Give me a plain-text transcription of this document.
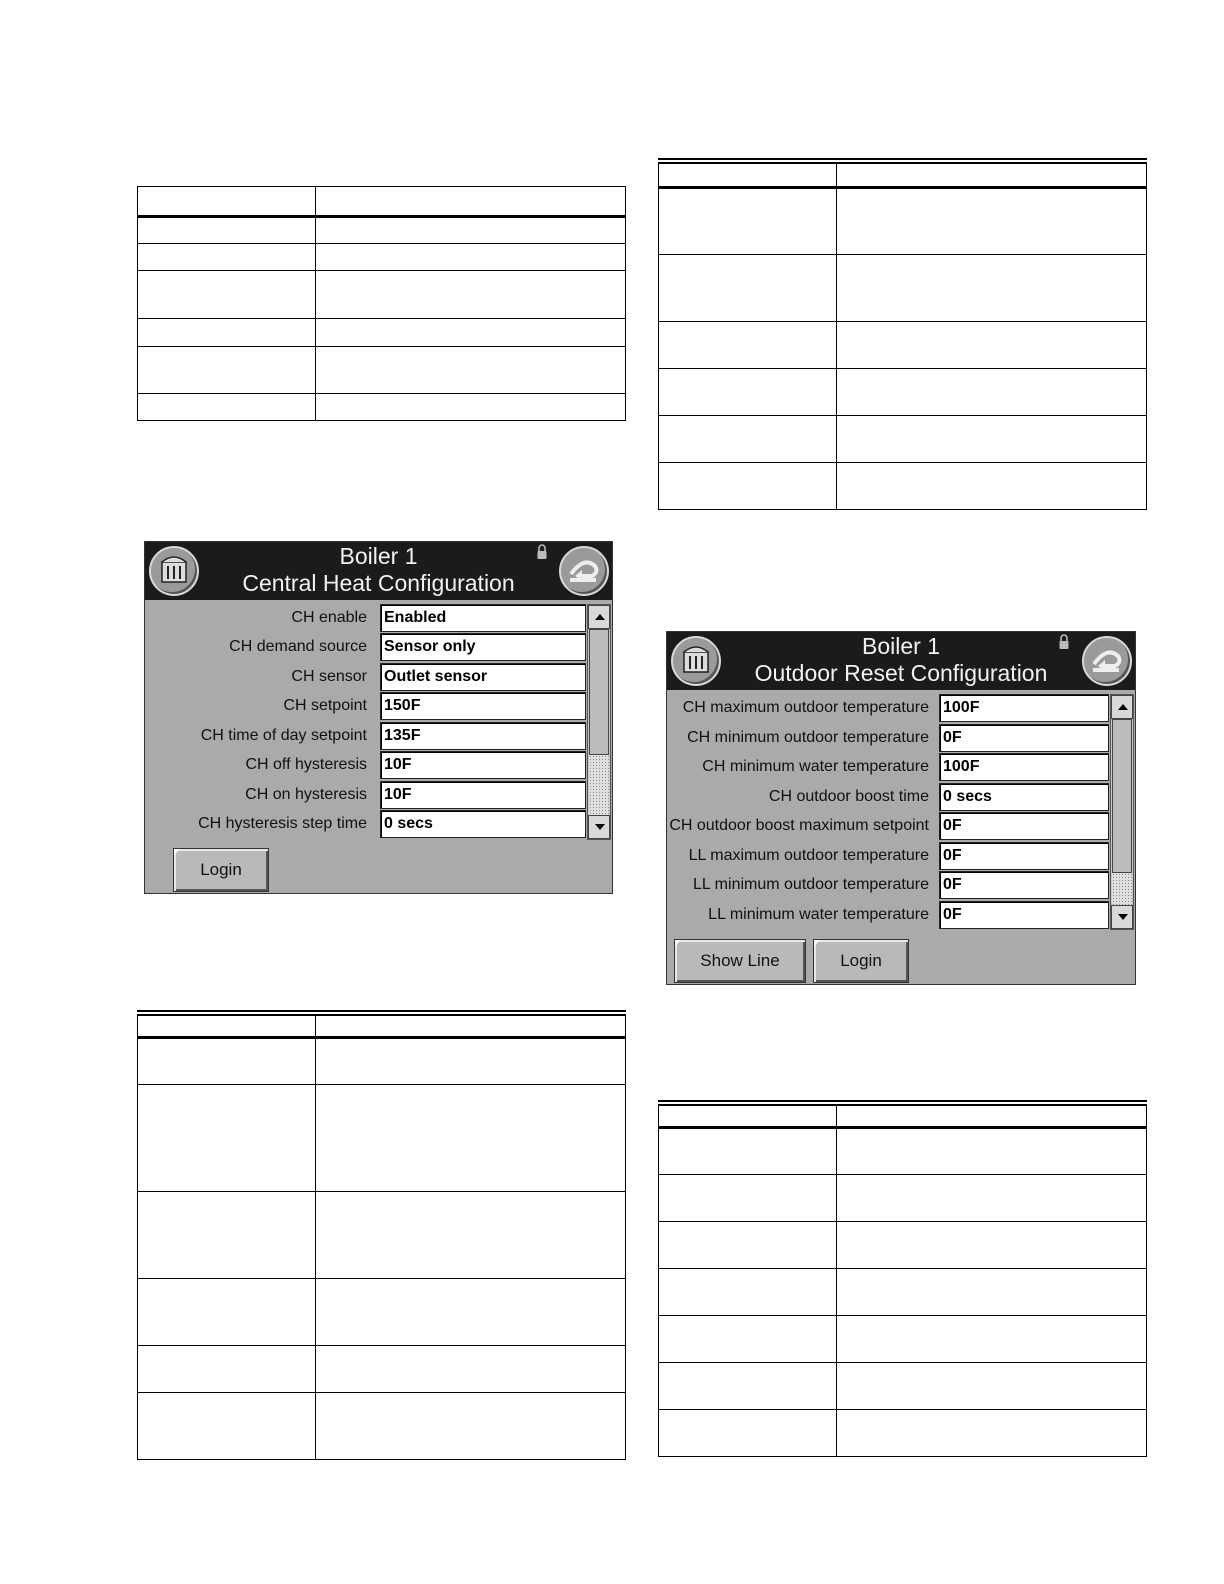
Boiler 1
Central Heat Configuration
CH enable Enabled
CH demand source Sensor only
CH sensor Outlet sensor
CH setpoint 150F
CH time of day setpoint 135F
CH off hysteresis 10F
CH on hysteresis 10F
CH hysteresis step time 0 secs
Login
Boiler 1
Outdoor Reset Configuration
CH maximum outdoor temperature 100F
CH minimum outdoor temperature 0F
CH minimum water temperature 100F
CH outdoor boost time 0 secs
CH outdoor boost maximum setpoint 0F
LL maximum outdoor temperature 0F
LL minimum outdoor temperature 0F
LL minimum water temperature 0F
Show Line	Login
